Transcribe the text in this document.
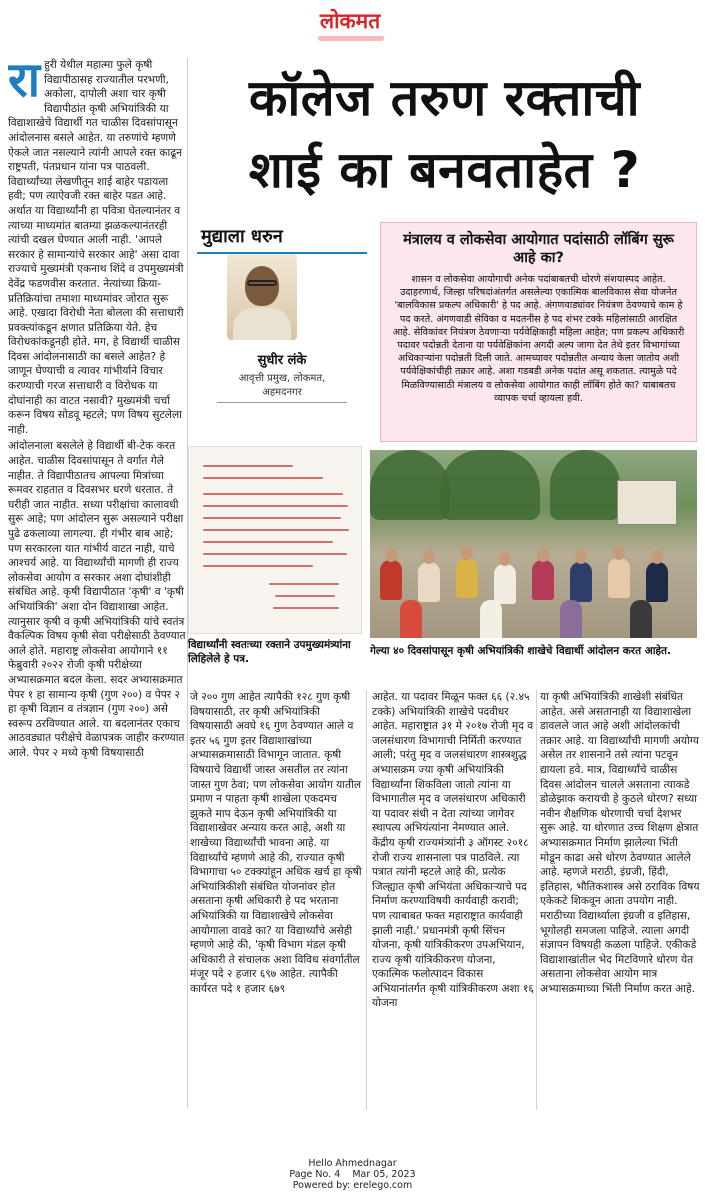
लोकमत
रा हुरी येथील महात्मा फुले कृषी विद्यापीठासह राज्यातील परभणी, अकोला, दापोली अशा चार कृषी विद्यापीठांत कृषी अभियांत्रिकी या विद्याशाखेचे विद्यार्थी गत चाळीस दिवसांपासून आंदोलनास बसले आहेत. या तरुणांचे म्हणणे ऐकले जात नसल्याने त्यांनी आपले रक्त काढून राष्ट्रपती, पंतप्रधान यांना पत्र पाठवली. विद्यार्थ्यांच्या लेखणीतून शाई बाहेर पडायला हवी; पण त्याऐवजी रक्त बाहेर पडत आहे. अर्थात या विद्यार्थ्यांनी हा पवित्रा घेतल्यानंतर व त्याच्या माध्यमांत बातम्या झळकल्यानंतरही त्यांची दखल घेण्यात आली नाही. 'आपले सरकार हे सामान्यांचे सरकार आहे' असा दावा राज्याचे मुख्यमंत्री एकनाथ शिंदे व उपमुख्यमंत्री देवेंद्र फडणवीस करतात. नेत्यांच्या क्रिया-प्रतिक्रियांचा तमाशा माध्यमांवर जोरात सुरू आहे. एखादा विरोधी नेता बोलला की सत्ताधारी प्रवक्त्यांकडून क्षणात प्रतिक्रिया येते. हेच विरोधकांकडूनही होते. मग, हे विद्यार्थी चाळीस दिवस आंदोलनासाठी का बसले आहेत? हे जाणून घेण्याची व त्यावर गांभीर्याने विचार करण्याची गरज सत्ताधारी व विरोधक या दोघांनाही का वाटत नसावी? मुख्यमंत्री चर्चा करून विषय सोडवू म्हटले; पण विषय सुटलेला नाही.

आंदोलनाला बसलेले हे विद्यार्थी बी-टेक करत आहेत. चाळीस दिवसांपासून ते वर्गात गेले नाहीत. ते विद्यापीठातच आपल्या मित्रांच्या रूमवर राहतात व दिवसभर धरणे धरतात. ते घरीही जात नाहीत. सध्या परीक्षांचा कालावधी सुरू आहे; पण आंदोलन सुरू असल्याने परीक्षा पुढे ढकलाव्या लागल्या. ही गंभीर बाब आहे; पण सरकारला यात गांभीर्य वाटत नाही, याचे आश्चर्य आहे. या विद्यार्थ्यांची मागणी ही राज्य लोकसेवा आयोग व सरकार अशा दोघांशीही संबंधित आहे. कृषी विद्यापीठात 'कृषी' व 'कृषी अभियांत्रिकी' अशा दोन विद्याशाखा आहेत. त्यानुसार कृषी व कृषी अभियांत्रिकी यांचे स्वतंत्र वैकल्पिक विषय कृषी सेवा परीक्षेसाठी ठेवण्यात आले होते. महाराष्ट्र लोकसेवा आयोगाने ११ फेब्रुवारी २०२२ रोजी कृषी परीक्षेच्या अभ्यासक्रमात बदल केला. सदर अभ्यासक्रमात पेपर १ हा सामान्य कृषी (गुण २००) व पेपर २ हा कृषी विज्ञान व तंत्रज्ञान (गुण २००) असे स्वरूप ठरविण्यात आले. या बदलानंतर एकाच आठवड्यात परीक्षेचे वेळापत्रक जाहीर करण्यात आले. पेपर २ मध्ये कृषी विषयासाठी

कॉलेज तरुण रक्ताची
शाई का बनवताहेत ?
मुद्याला धरुन
सुधीर लंके
आवृत्ती प्रमुख, लोकमत,
अहमदनगर
मंत्रालय व लोकसेवा आयोगात पदांसाठी लॉबिंग सुरू आहे का?
शासन व लोकसेवा आयोगाची अनेक पदांबाबतची धोरणे संशयास्पद आहेत. उदाहरणार्थ, जिल्हा परिषदांअंतर्गत असलेल्या एकात्मिक बालविकास सेवा योजनेत 'बालविकास प्रकल्प अधिकारी' हे पद आहे. अंगणवाड्यांवर नियंत्रण ठेवण्याचे काम हे पद करते. अंगणवाडी सेविका व मदतनीस हे पद शंभर टक्के महिलांसाठी आरक्षित आहे. सेविकांवर नियंत्रण ठेवणाऱ्या पर्यवेक्षिकाही महिला आहेत; पण प्रकल्प अधिकारी पदावर पदोन्नती देताना या पर्यवेक्षिकांना अगदी अल्प जागा देत तेथे इतर विभागांच्या अधिकाऱ्यांना पदोन्नती दिली जाते. आमच्यावर पदोन्नतीत अन्याय केला जातोय अशी पर्यवेक्षिकांचीही तक्रार आहे. अशा गडबडी अनेक पदांत असू शकतात. त्यामुळे पदे मिळविण्यासाठी मंत्रालय व लोकसेवा आयोगात काही लॉबिंग होते का? याबाबतच व्यापक चर्चा व्हायला हवी.
विद्यार्थ्यांनी स्वतःच्या रक्ताने उपमुख्यमंत्र्यांना लिहिलेले हे पत्र.
गेल्या ४० दिवसांपासून कृषी अभियांत्रिकी शाखेचे विद्यार्थी आंदोलन करत आहेत.

जे २०० गुण आहेत त्यापैकी १२८ गुण कृषी विषयासाठी, तर कृषी अभियांत्रिकी विषयासाठी अवघे १६ गुण ठेवण्यात आले व इतर ५६ गुण इतर विद्याशाखांच्या अभ्यासक्रमासाठी विभागून जातात. कृषी विषयाचे विद्यार्थी जास्त असतील तर त्यांना जास्त गुण ठेवा; पण लोकसेवा आयोग यातील प्रमाण न पाहता कृषी शाखेला एकदमच झुकते माप देऊन कृषी अभियांत्रिकी या विद्याशाखेवर अन्याय करत आहे, अशी या शाखेच्या विद्यार्थ्यांची भावना आहे. या विद्यार्थ्यांचे म्हणणे आहे की, राज्यात कृषी विभागाचा ५० टक्क्यांहून अधिक खर्च हा कृषी अभियांत्रिकीशी संबंधित योजनांवर होत असताना कृषी अधिकारी हे पद भरताना अभियांत्रिकी या विद्याशाखेचे लोकसेवा आयोगाला वावडे का? या विद्यार्थ्यांचे असेही म्हणणे आहे की, 'कृषी विभाग मंडल कृषी अधिकारी ते संचालक अशा विविध संवर्गातील मंजूर पदे २ हजार ६९७ आहेत. त्यापैकी कार्यरत पदे १ हजार ६७९

आहेत. या पदावर मिळून फक्त ६६ (२.४५ टक्के) अभियांत्रिकी शाखेचे पदवीधर आहेत. महाराष्ट्रात ३१ मे २०१७ रोजी मृद व जलसंधारण विभागाची निर्मिती करण्यात आली; परंतु मृद व जलसंधारण शास्त्रशुद्ध अभ्यासक्रम ज्या कृषी अभियांत्रिकी विद्यार्थ्यांना शिकविला जातो त्यांना या विभागातील मृद व जलसंधारण अधिकारी या पदावर संधी न देता त्यांच्या जागेवर स्थापत्य अभियंत्यांना नेमण्यात आले. केंद्रीय कृषी राज्यमंत्र्यांनी ३ ऑगस्ट २०१८ रोजी राज्य शासनाला पत्र पाठविले. त्या पत्रात त्यांनी म्हटले आहे की, प्रत्येक जिल्ह्यात कृषी अभियंता अधिकाऱ्याचे पद निर्माण करण्याविषयी कार्यवाही करावी; पण त्याबाबत फक्त महाराष्ट्रात कार्यवाही झाली नाही.' प्रधानमंत्री कृषी सिंचन योजना, कृषी यांत्रिकीकरण उपअभियान, राज्य कृषी यांत्रिकीकरण योजना, एकात्मिक फलोत्पादन विकास अभियानांतर्गत कृषी यांत्रिकीकरण अशा १६ योजना

या कृषी अभियांत्रिकी शाखेशी संबंधित आहेत. असे असतानाही या विद्याशाखेला डावलले जात आहे अशी आंदोलकांची तक्रार आहे. या विद्यार्थ्यांची मागणी अयोग्य असेल तर शासनाने तसे त्यांना पटवून द्यायला हवे. मात्र, विद्यार्थ्यांचे चाळीस दिवस आंदोलन चालले असताना त्याकडे डोळेझाक करायची हे कुठले धोरण? सध्या नवीन शैक्षणिक धोरणाची चर्चा देशभर सुरू आहे. या धोरणात उच्च शिक्षण क्षेत्रात अभ्यासक्रमात निर्माण झालेल्या भिंती मोडून काढा असे धोरण ठेवण्यात आलेले आहे. म्हणजे मराठी, इंग्रजी, हिंदी, इतिहास, भौतिकशास्त्र असे ठराविक विषय एकेकटे शिकवून आता उपयोग नाही. मराठीच्या विद्यार्थ्याला इंग्रजी व इतिहास, भूगोलही समजला पाहिजे. त्याला अगदी संज्ञापन विषयही कळला पाहिजे. एकीकडे विद्याशाखांतील भेद मिटविणारे धोरण येत असताना लोकसेवा आयोग मात्र अभ्यासक्रमाच्या भिंती निर्माण करत आहे.

Hello Ahmednagar
Page No. 4    Mar 05, 2023
Powered by: erelego.com
